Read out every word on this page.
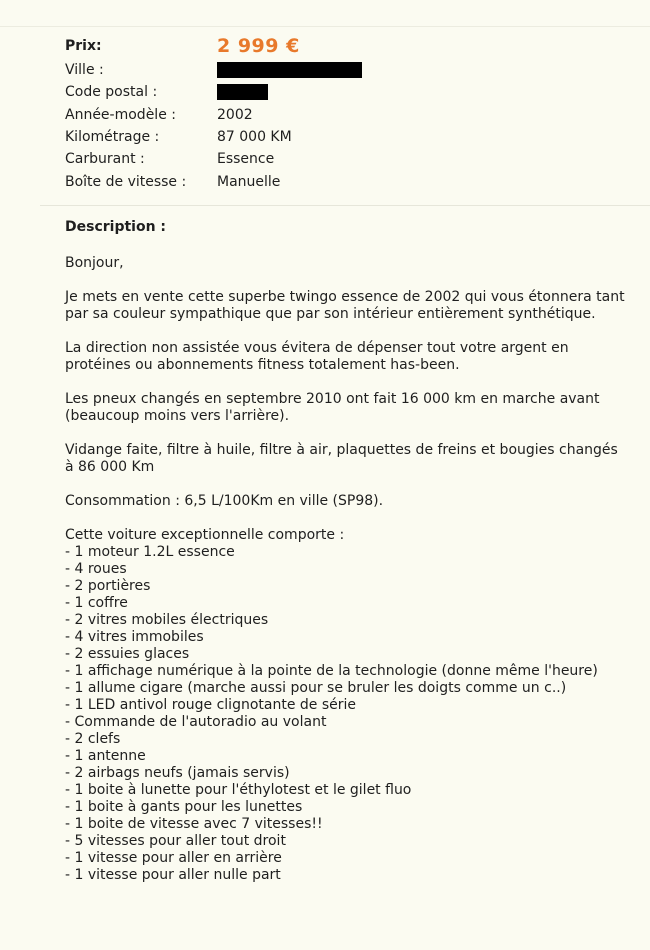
Prix:	2 999 €
Ville :
Code postal :
Année-modèle :	2002
Kilométrage :	87 000 KM
Carburant :	Essence
Boîte de vitesse :	Manuelle
Description :

Bonjour,

Je mets en vente cette superbe twingo essence de 2002 qui vous étonnera tant par sa couleur sympathique que par son intérieur entièrement synthétique.

La direction non assistée vous évitera de dépenser tout votre argent en protéines ou abonnements fitness totalement has-been.

Les pneux changés en septembre 2010 ont fait 16 000 km en marche avant (beaucoup moins vers l'arrière).

Vidange faite, filtre à huile, filtre à air, plaquettes de freins et bougies changés à 86 000 Km

Consommation : 6,5 L/100Km en ville (SP98).

Cette voiture exceptionnelle comporte :
- 1 moteur 1.2L essence
- 4 roues
- 2 portières
- 1 coffre
- 2 vitres mobiles électriques
- 4 vitres immobiles
- 2 essuies glaces
- 1 affichage numérique à la pointe de la technologie (donne même l'heure)
- 1 allume cigare (marche aussi pour se bruler les doigts comme un c..)
- 1 LED antivol rouge clignotante de série
- Commande de l'autoradio au volant
- 2 clefs
- 1 antenne
- 2 airbags neufs (jamais servis)
- 1 boite à lunette pour l'éthylotest et le gilet fluo
- 1 boite à gants pour les lunettes
- 1 boite de vitesse avec 7 vitesses!!
- 5 vitesses pour aller tout droit
- 1 vitesse pour aller en arrière
- 1 vitesse pour aller nulle part
